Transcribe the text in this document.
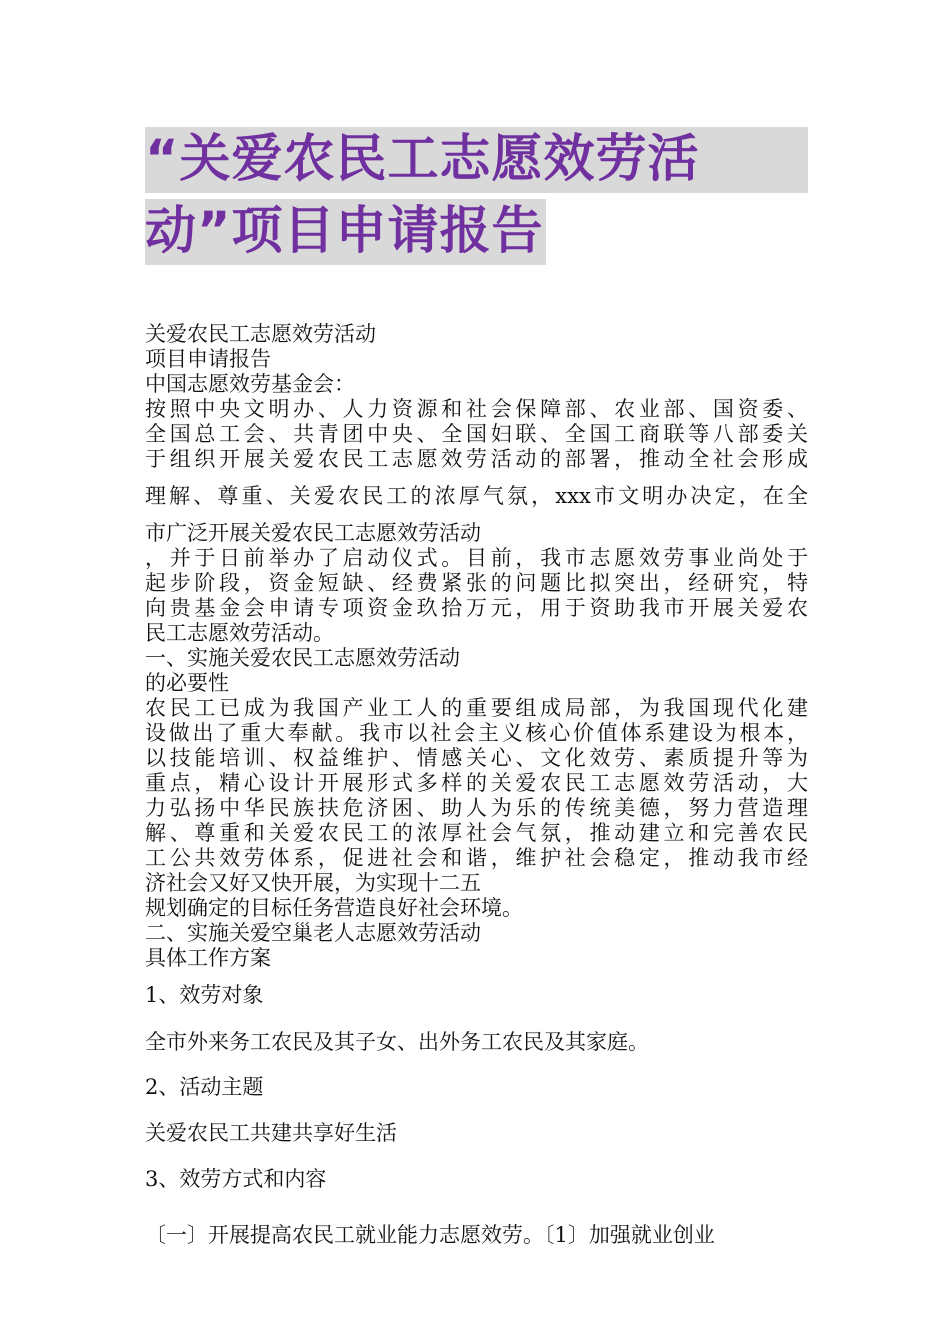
“关爱农民工志愿效劳活
动”项目申请报告

关爱农民工志愿效劳活动

项目申请报告

中国志愿效劳基金会：

按照中央文明办、人力资源和社会保障部、农业部、国资委、

全国总工会、共青团中央、全国妇联、全国工商联等八部委关

于组织开展关爱农民工志愿效劳活动的部署，推动全社会形成

理解、尊重、关爱农民工的浓厚气氛，xxx市文明办决定，在全

市广泛开展关爱农民工志愿效劳活动

，并于日前举办了启动仪式。目前，我市志愿效劳事业尚处于

起步阶段，资金短缺、经费紧张的问题比拟突出，经研究，特

向贵基金会申请专项资金玖拾万元，用于资助我市开展关爱农

民工志愿效劳活动。

一、实施关爱农民工志愿效劳活动

的必要性

农民工已成为我国产业工人的重要组成局部，为我国现代化建

设做出了重大奉献。我市以社会主义核心价值体系建设为根本，

以技能培训、权益维护、情感关心、文化效劳、素质提升等为

重点，精心设计开展形式多样的关爱农民工志愿效劳活动，大

力弘扬中华民族扶危济困、助人为乐的传统美德，努力营造理

解、尊重和关爱农民工的浓厚社会气氛，推动建立和完善农民

工公共效劳体系，促进社会和谐，维护社会稳定，推动我市经

济社会又好又快开展，为实现十二五

规划确定的目标任务营造良好社会环境。

二、实施关爱空巢老人志愿效劳活动

具体工作方案

1、效劳对象

全市外来务工农民及其子女、出外务工农民及其家庭。

2、活动主题

关爱农民工共建共享好生活

3、效劳方式和内容

〔一〕开展提高农民工就业能力志愿效劳。〔1〕加强就业创业
